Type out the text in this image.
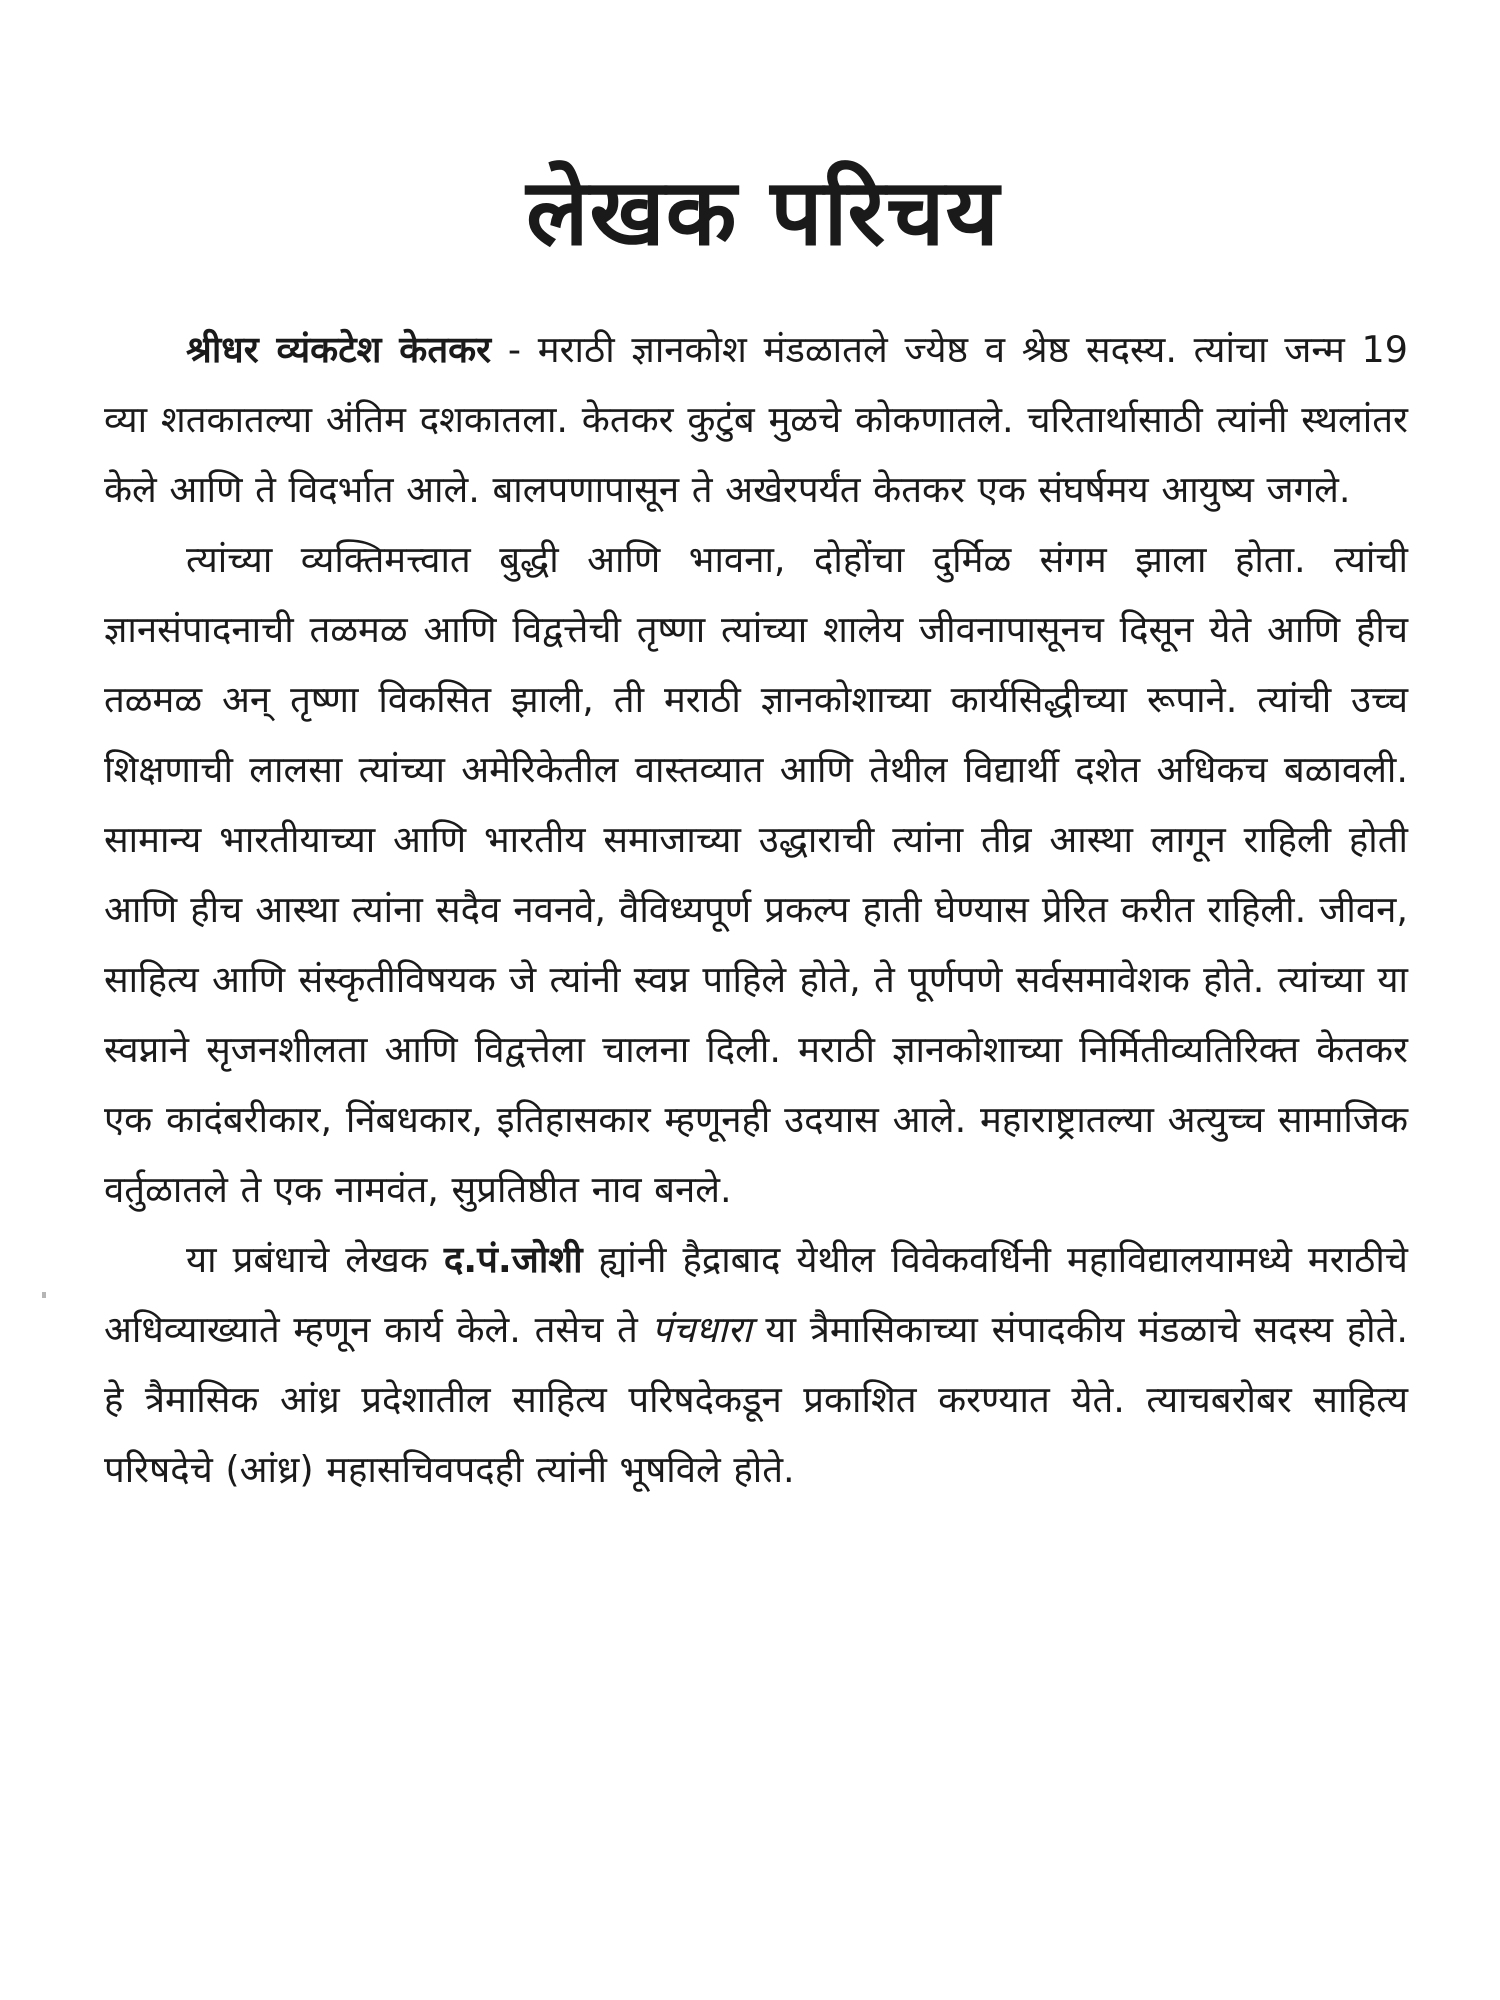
लेखक परिचय

श्रीधर व्यंकटेश केतकर - मराठी ज्ञानकोश मंडळातले ज्येष्ठ व श्रेष्ठ सदस्य. त्यांचा जन्म 19 व्या शतकातल्या अंतिम दशकातला. केतकर कुटुंब मुळचे कोकणातले. चरितार्थासाठी त्यांनी स्थलांतर केले आणि ते विदर्भात आले. बालपणापासून ते अखेरपर्यंत केतकर एक संघर्षमय आयुष्य जगले.

त्यांच्या व्यक्तिमत्त्वात बुद्धी आणि भावना, दोहोंचा दुर्मिळ संगम झाला होता. त्यांची ज्ञानसंपादनाची तळमळ आणि विद्वत्तेची तृष्णा त्यांच्या शालेय जीवनापासूनच दिसून येते आणि हीच तळमळ अन् तृष्णा विकसित झाली, ती मराठी ज्ञानकोशाच्या कार्यसिद्धीच्या रूपाने. त्यांची उच्च शिक्षणाची लालसा त्यांच्या अमेरिकेतील वास्तव्यात आणि तेथील विद्यार्थी दशेत अधिकच बळावली. सामान्य भारतीयाच्या आणि भारतीय समाजाच्या उद्धाराची त्यांना तीव्र आस्था लागून राहिली होती आणि हीच आस्था त्यांना सदैव नवनवे, वैविध्यपूर्ण प्रकल्प हाती घेण्यास प्रेरित करीत राहिली. जीवन, साहित्य आणि संस्कृतीविषयक जे त्यांनी स्वप्न पाहिले होते, ते पूर्णपणे सर्वसमावेशक होते. त्यांच्या या स्वप्नाने सृजनशीलता आणि विद्वत्तेला चालना दिली. मराठी ज्ञानकोशाच्या निर्मितीव्यतिरिक्त केतकर एक कादंबरीकार, निंबधकार, इतिहासकार म्हणूनही उदयास आले. महाराष्ट्रातल्या अत्युच्च सामाजिक वर्तुळातले ते एक नामवंत, सुप्रतिष्ठीत नाव बनले.

या प्रबंधाचे लेखक द.पं.जोशी ह्यांनी हैद्राबाद येथील विवेकवर्धिनी महाविद्यालयामध्ये मराठीचे अधिव्याख्याते म्हणून कार्य केले. तसेच ते पंचधारा या त्रैमासिकाच्या संपादकीय मंडळाचे सदस्य होते. हे त्रैमासिक आंध्र प्रदेशातील साहित्य परिषदेकडून प्रकाशित करण्यात येते. त्याचबरोबर साहित्य परिषदेचे (आंध्र) महासचिवपदही त्यांनी भूषविले होते.
